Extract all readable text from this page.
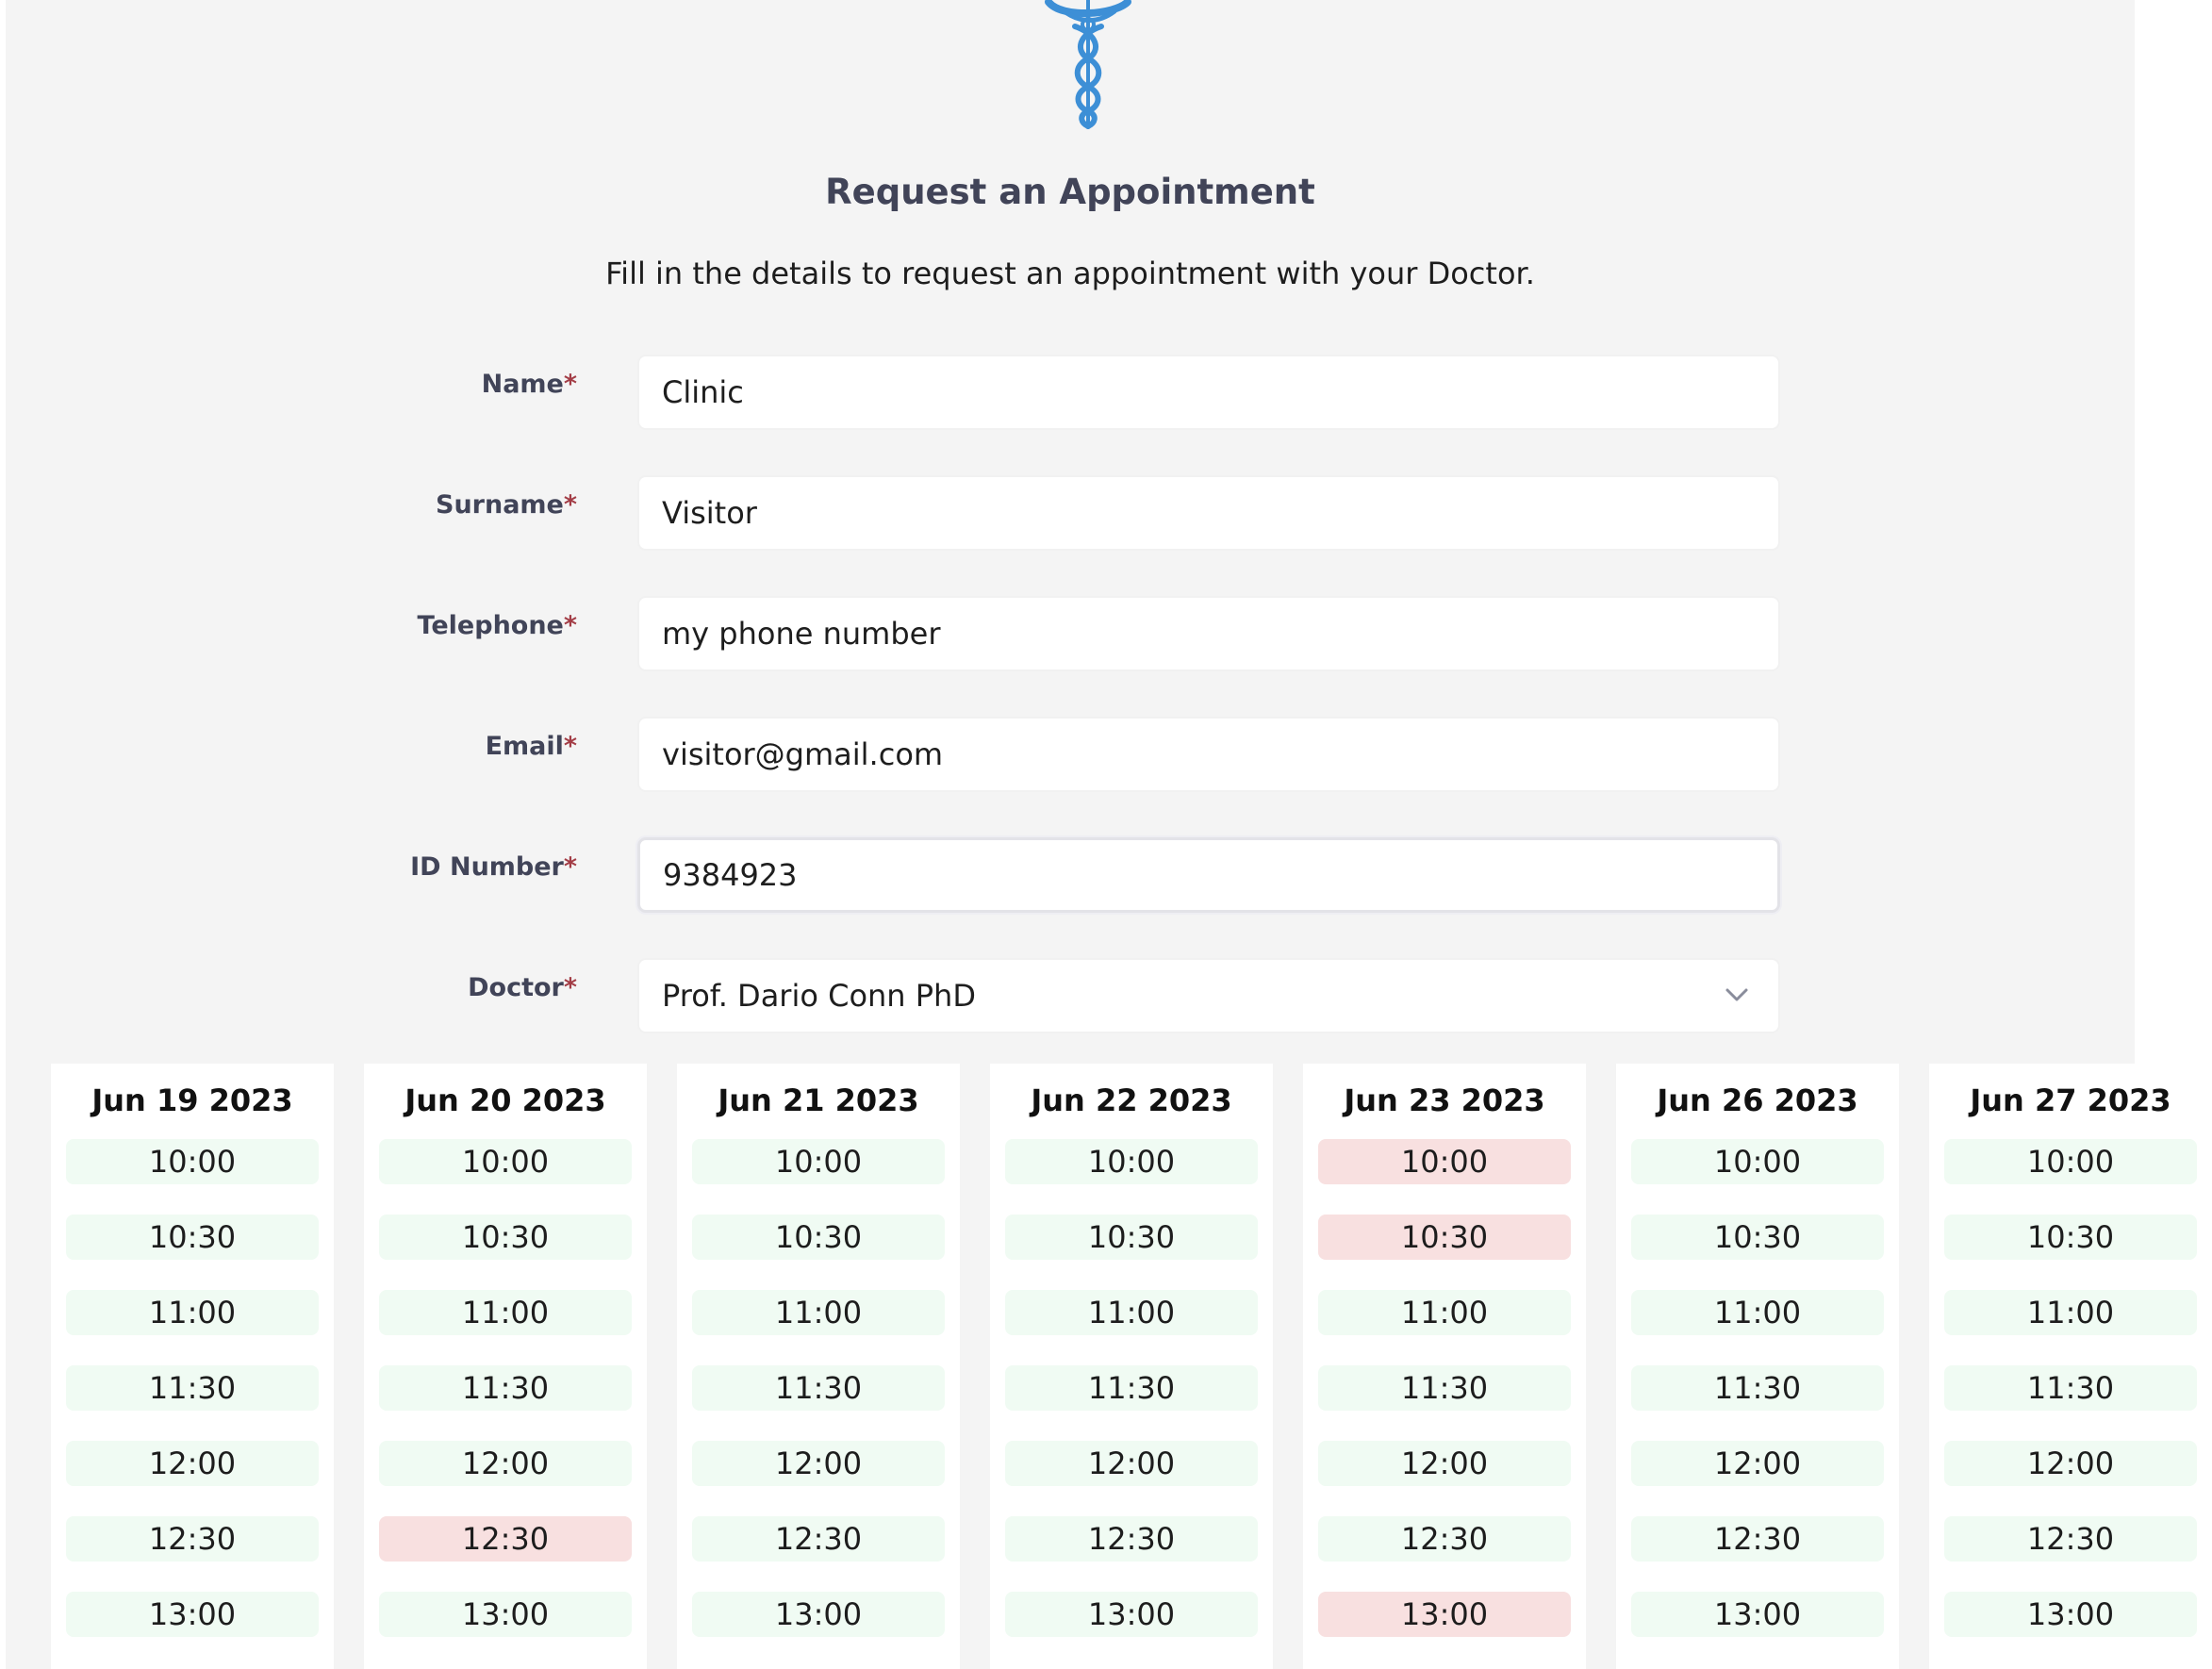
Request an Appointment
Fill in the details to request an appointment with your Doctor.
Name*
Clinic
Surname*
Visitor
Telephone*
my phone number
Email*
visitor@gmail.com
ID Number*
9384923
Doctor*	Prof. Dario Conn PhD
Jun 19 2023
10:00
10:30
11:00
11:30
12:00
12:30
13:00
Jun 20 2023
10:00
10:30
11:00
11:30
12:00
12:30
13:00
Jun 21 2023
10:00
10:30
11:00
11:30
12:00
12:30
13:00
Jun 22 2023
10:00
10:30
11:00
11:30
12:00
12:30
13:00
Jun 23 2023
10:00
10:30
11:00
11:30
12:00
12:30
13:00
Jun 26 2023
10:00
10:30
11:00
11:30
12:00
12:30
13:00
Jun 27 2023
10:00
10:30
11:00
11:30
12:00
12:30
13:00
